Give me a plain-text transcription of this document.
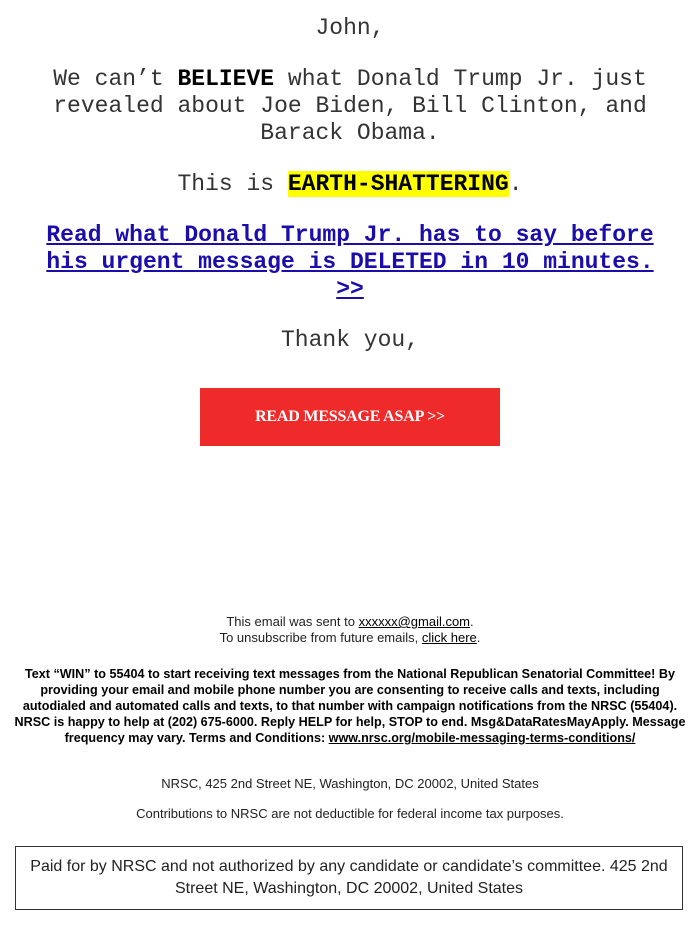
John,
We can’t BELIEVE what Donald Trump Jr. just revealed about Joe Biden, Bill Clinton, and Barack Obama.
This is EARTH-SHATTERING.
Read what Donald Trump Jr. has to say before his urgent message is DELETED in 10 minutes. >>
Thank you,
READ MESSAGE ASAP >>
This email was sent to xxxxxx@gmail.com.
To unsubscribe from future emails, click here.
Text “WIN” to 55404 to start receiving text messages from the National Republican Senatorial Committee! By providing your email and mobile phone number you are consenting to receive calls and texts, including autodialed and automated calls and texts, to that number with campaign notifications from the NRSC (55404). NRSC is happy to help at (202) 675-6000. Reply HELP for help, STOP to end. Msg&DataRatesMayApply. Message frequency may vary. Terms and Conditions: www.nrsc.org/mobile-messaging-terms-conditions/
NRSC, 425 2nd Street NE, Washington, DC 20002, United States
Contributions to NRSC are not deductible for federal income tax purposes.
Paid for by NRSC and not authorized by any candidate or candidate’s committee. 425 2nd Street NE, Washington, DC 20002, United States
